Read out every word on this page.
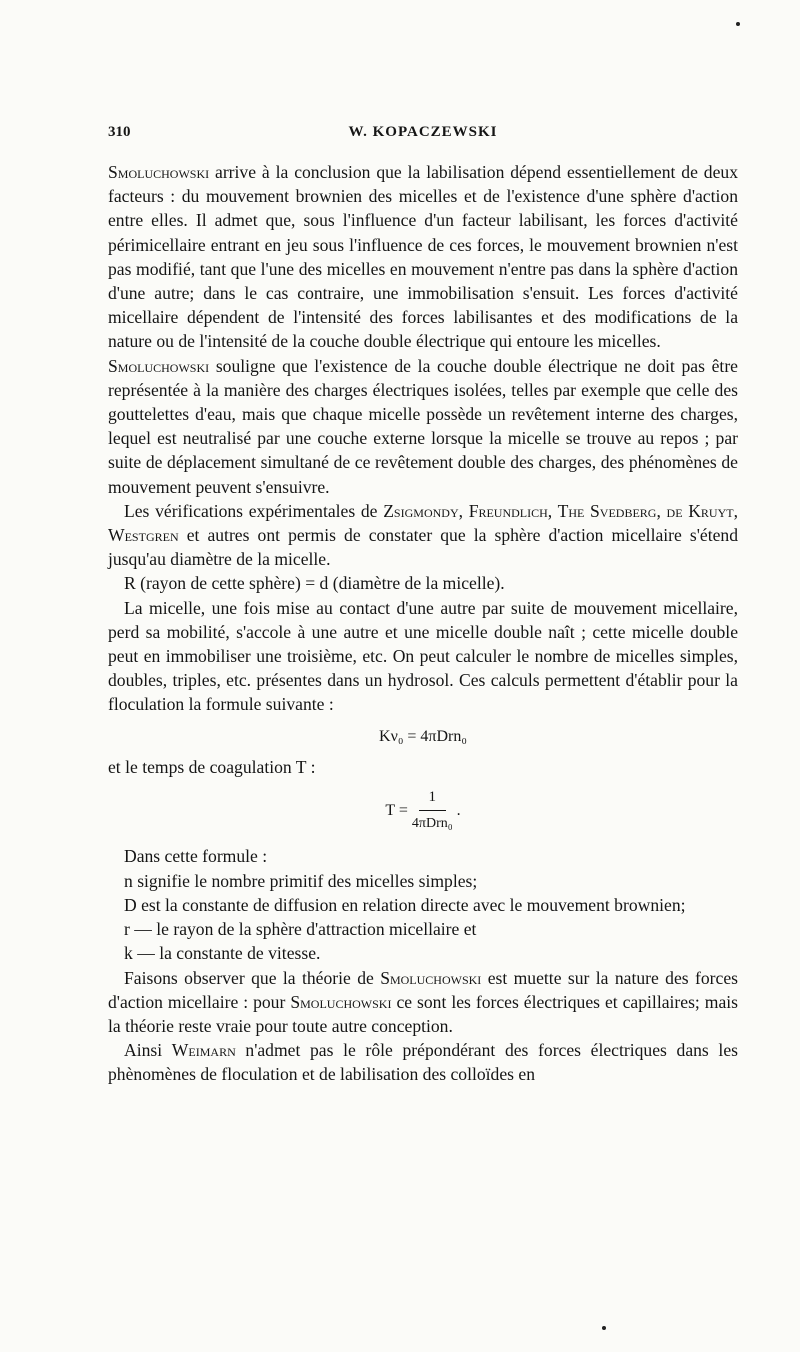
310	W. KOPACZEWSKI

Smoluchowski arrive à la conclusion que la labilisation dépend essentiellement de deux facteurs : du mouvement brownien des micelles et de l'existence d'une sphère d'action entre elles. Il admet que, sous l'influence d'un facteur labilisant, les forces d'activité périmicellaire entrant en jeu sous l'influence de ces forces, le mouvement brownien n'est pas modifié, tant que l'une des micelles en mouvement n'entre pas dans la sphère d'action d'une autre; dans le cas contraire, une immobilisation s'ensuit. Les forces d'activité micellaire dépendent de l'intensité des forces labilisantes et des modifications de la nature ou de l'intensité de la couche double électrique qui entoure les micelles.

Smoluchowski souligne que l'existence de la couche double électrique ne doit pas être représentée à la manière des charges électriques isolées, telles par exemple que celle des gouttelettes d'eau, mais que chaque micelle possède un revêtement interne des charges, lequel est neutralisé par une couche externe lorsque la micelle se trouve au repos ; par suite de déplacement simultané de ce revêtement double des charges, des phénomènes de mouvement peuvent s'ensuivre.

Les vérifications expérimentales de Zsigmondy, Freundlich, The Svedberg, de Kruyt, Westgren et autres ont permis de constater que la sphère d'action micellaire s'étend jusqu'au diamètre de la micelle.

R (rayon de cette sphère) = d (diamètre de la micelle).

La micelle, une fois mise au contact d'une autre par suite de mouvement micellaire, perd sa mobilité, s'accole à une autre et une micelle double naît ; cette micelle double peut en immobiliser une troisième, etc. On peut calculer le nombre de micelles simples, doubles, triples, etc. présentes dans un hydrosol. Ces calculs permettent d'établir pour la floculation la formule suivante :

Kν₀ = 4πDrn₀

et le temps de coagulation T :

$T = \frac{1}{\text{4πDrn₀}}$ .

Dans cette formule :

n signifie le nombre primitif des micelles simples;

D est la constante de diffusion en relation directe avec le mouvement brownien;

r — le rayon de la sphère d'attraction micellaire et

k — la constante de vitesse.

Faisons observer que la théorie de Smoluchowski est muette sur la nature des forces d'action micellaire : pour Smoluchowski ce sont les forces électriques et capillaires; mais la théorie reste vraie pour toute autre conception.

Ainsi Weimarn n'admet pas le rôle prépondérant des forces électriques dans les phènomènes de floculation et de labilisation des colloïdes en
